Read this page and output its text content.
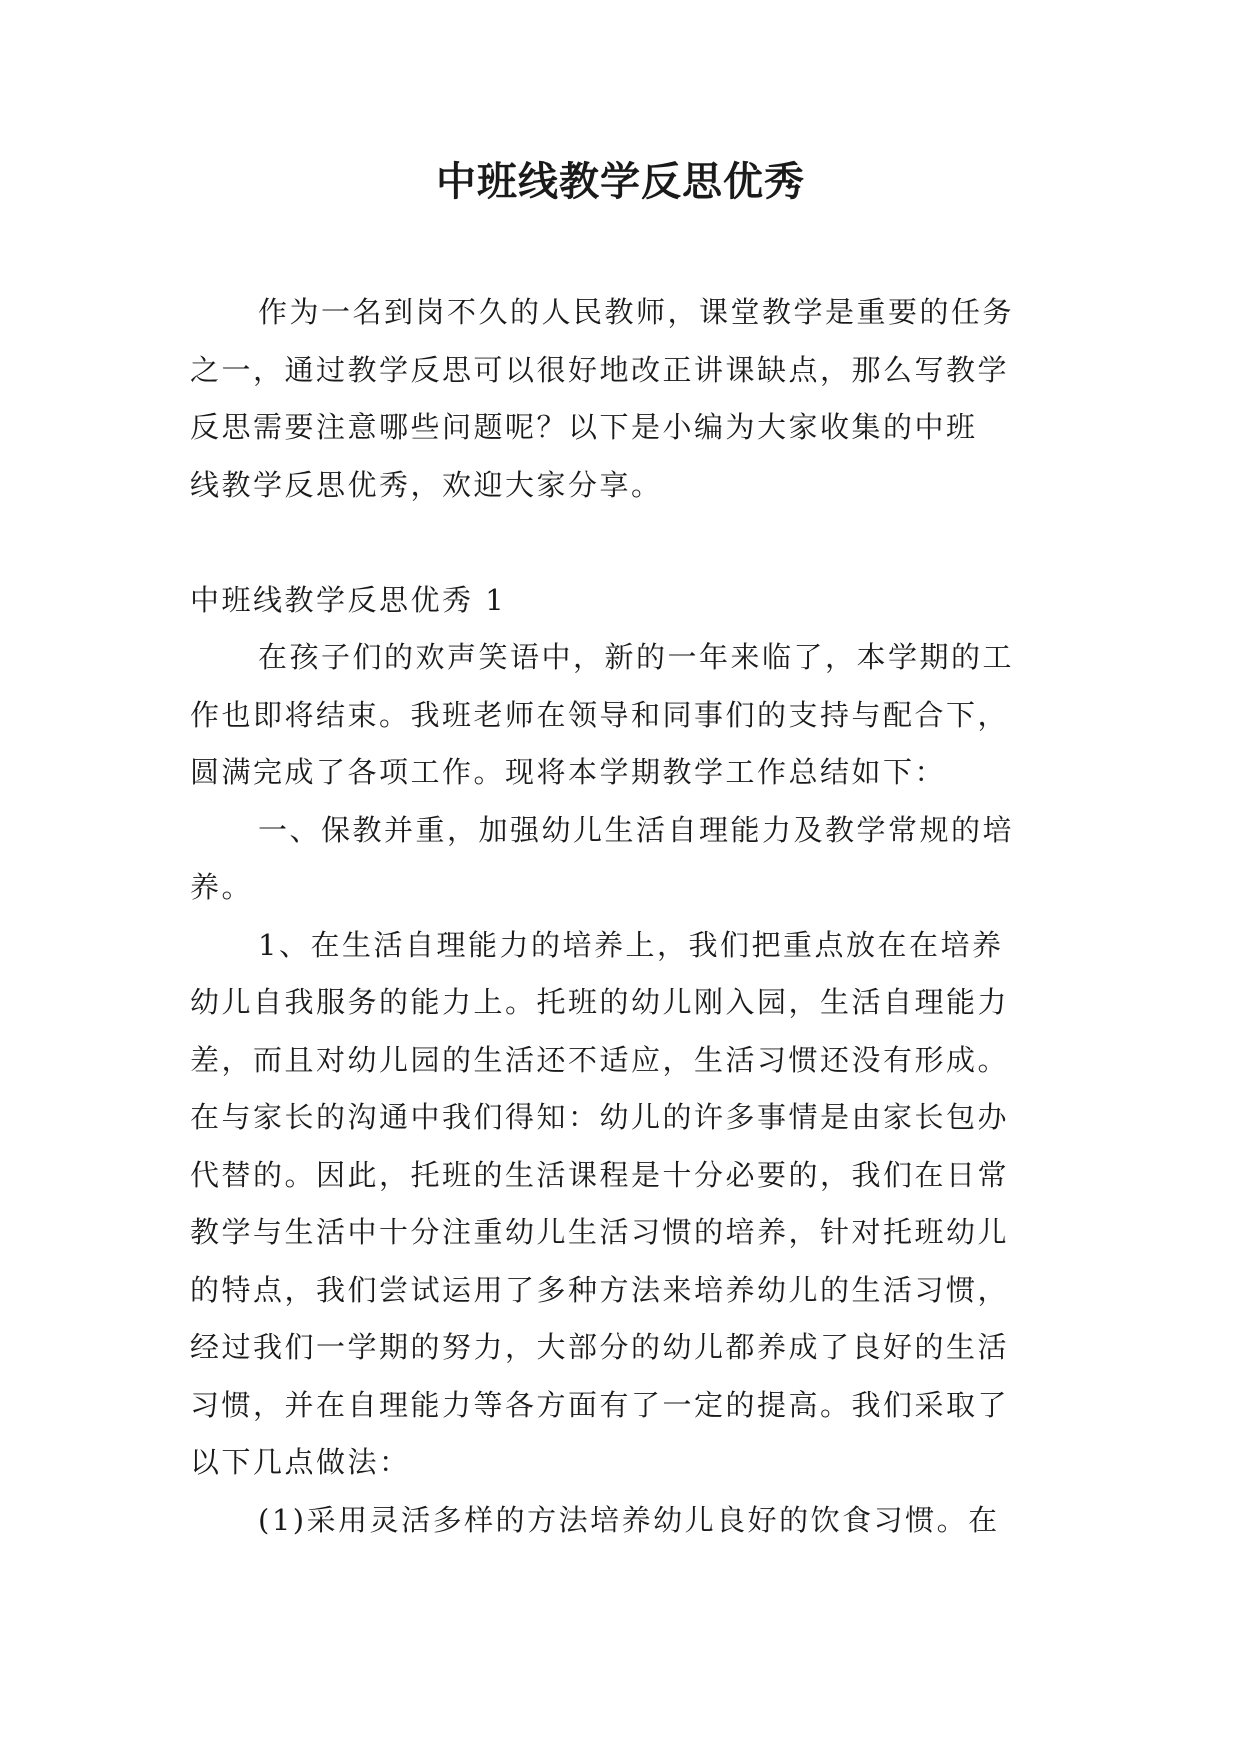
中班线教学反思优秀
作为一名到岗不久的人民教师，课堂教学是重要的任务
之一，通过教学反思可以很好地改正讲课缺点，那么写教学
反思需要注意哪些问题呢？以下是小编为大家收集的中班
线教学反思优秀，欢迎大家分享。
中班线教学反思优秀 1
在孩子们的欢声笑语中，新的一年来临了，本学期的工
作也即将结束。我班老师在领导和同事们的支持与配合下，
圆满完成了各项工作。现将本学期教学工作总结如下：
一、保教并重，加强幼儿生活自理能力及教学常规的培
养。
1、在生活自理能力的培养上，我们把重点放在在培养
幼儿自我服务的能力上。托班的幼儿刚入园，生活自理能力
差，而且对幼儿园的生活还不适应，生活习惯还没有形成。
在与家长的沟通中我们得知：幼儿的许多事情是由家长包办
代替的。因此，托班的生活课程是十分必要的，我们在日常
教学与生活中十分注重幼儿生活习惯的培养，针对托班幼儿
的特点，我们尝试运用了多种方法来培养幼儿的生活习惯，
经过我们一学期的努力，大部分的幼儿都养成了良好的生活
习惯，并在自理能力等各方面有了一定的提高。我们采取了
以下几点做法：
(1)采用灵活多样的方法培养幼儿良好的饮食习惯。在
